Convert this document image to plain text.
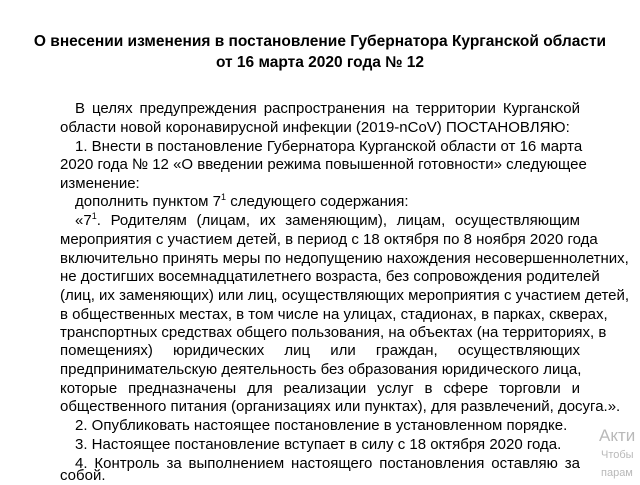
О внесении изменения в постановление Губернатора Курганской области
от 16 марта 2020 года № 12
В целях предупреждения распространения на территории Курганской
области новой коронавирусной инфекции (2019-nCoV) ПОСТАНОВЛЯЮ:
1. Внести в постановление Губернатора Курганской области от 16 марта
2020 года № 12 «О введении режима повышенной готовности» следующее
изменение:
дополнить пунктом $7^1$ следующего содержания:
«$7^1$. Родителям (лицам, их заменяющим), лицам, осуществляющим
мероприятия с участием детей, в период с 18 октября по 8 ноября 2020 года
включительно принять меры по недопущению нахождения несовершеннолетних,
не достигших восемнадцатилетнего возраста, без сопровождения родителей
(лиц, их заменяющих) или лиц, осуществляющих мероприятия с участием детей,
в общественных местах, в том числе на улицах, стадионах, в парках, скверах,
транспортных средствах общего пользования, на объектах (на территориях, в
помещениях) юридических лиц или граждан, осуществляющих
предпринимательскую деятельность без образования юридического лица,
которые предназначены для реализации услуг в сфере торговли и
общественного питания (организациях или пунктах), для развлечений, досуга.».
2. Опубликовать настоящее постановление в установленном порядке.
3. Настоящее постановление вступает в силу с 18 октября 2020 года.
4. Контроль за выполнением настоящего постановления оставляю за
собой.
Акти
Чтобы
парам
